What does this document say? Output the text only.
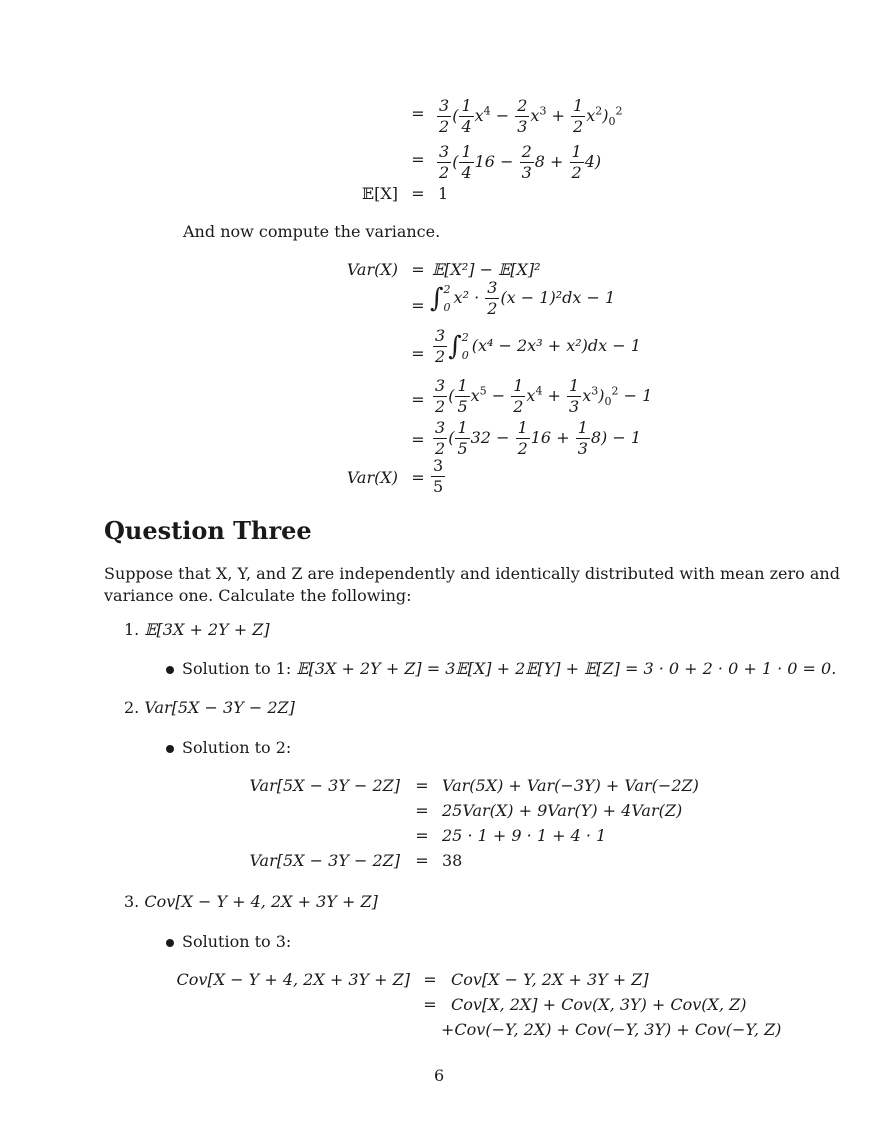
= $\frac{3}{2}$ ( $\frac{1}{4} x^4 - \frac{2}{3} x^3 + \frac{1}{2} x^2)_0^2$
= $\frac{3}{2}$ ( $\frac{1}{4} 16 - \frac{2}{3} 8 + \frac{1}{2} 4$)
𝔼[X] = 1
And now compute the variance.
Var(X) = 𝔼[X²] − 𝔼[X]²
= ∫ 2
0 $x^2 \cdot \frac{3}{2} (x - 1)^2dx - 1$
= $\frac{3}{2}$ ∫ 2
0 (x⁴ − 2x³ + x²)dx − 1
= $\frac{3}{2}$ ( $\frac{1}{5} x^5 - \frac{1}{2} x^4 + \frac{1}{3} x^3)_0^2 - 1$
= $\frac{3}{2}$ ( $\frac{1}{5} 32 - \frac{1}{2} 16 + \frac{1}{3} 8) - 1$
$Var(X) = \frac{3}{5}$
Question Three
Suppose that X, Y, and Z are independently and identically distributed with mean zero and
variance one. Calculate the following:
1. 𝔼[3X + 2Y + Z]
Solution to 1: 𝔼[3X + 2Y + Z] = 3𝔼[X] + 2𝔼[Y] + 𝔼[Z] = 3 · 0 + 2 · 0 + 1 · 0 = 0.
2. Var[5X − 3Y − 2Z]
Solution to 2:
Var[5X − 3Y − 2Z] = Var(5X) + Var(−3Y) + Var(−2Z)
= 25Var(X) + 9Var(Y) + 4Var(Z)
= 25 · 1 + 9 · 1 + 4 · 1
Var[5X − 3Y − 2Z] = 38
3. Cov[X − Y + 4, 2X + 3Y + Z]
Solution to 3:
Cov[X − Y + 4, 2X + 3Y + Z] = Cov[X − Y, 2X + 3Y + Z]
= Cov[X, 2X] + Cov(X, 3Y) + Cov(X, Z)
+Cov(−Y, 2X) + Cov(−Y, 3Y) + Cov(−Y, Z)
6
